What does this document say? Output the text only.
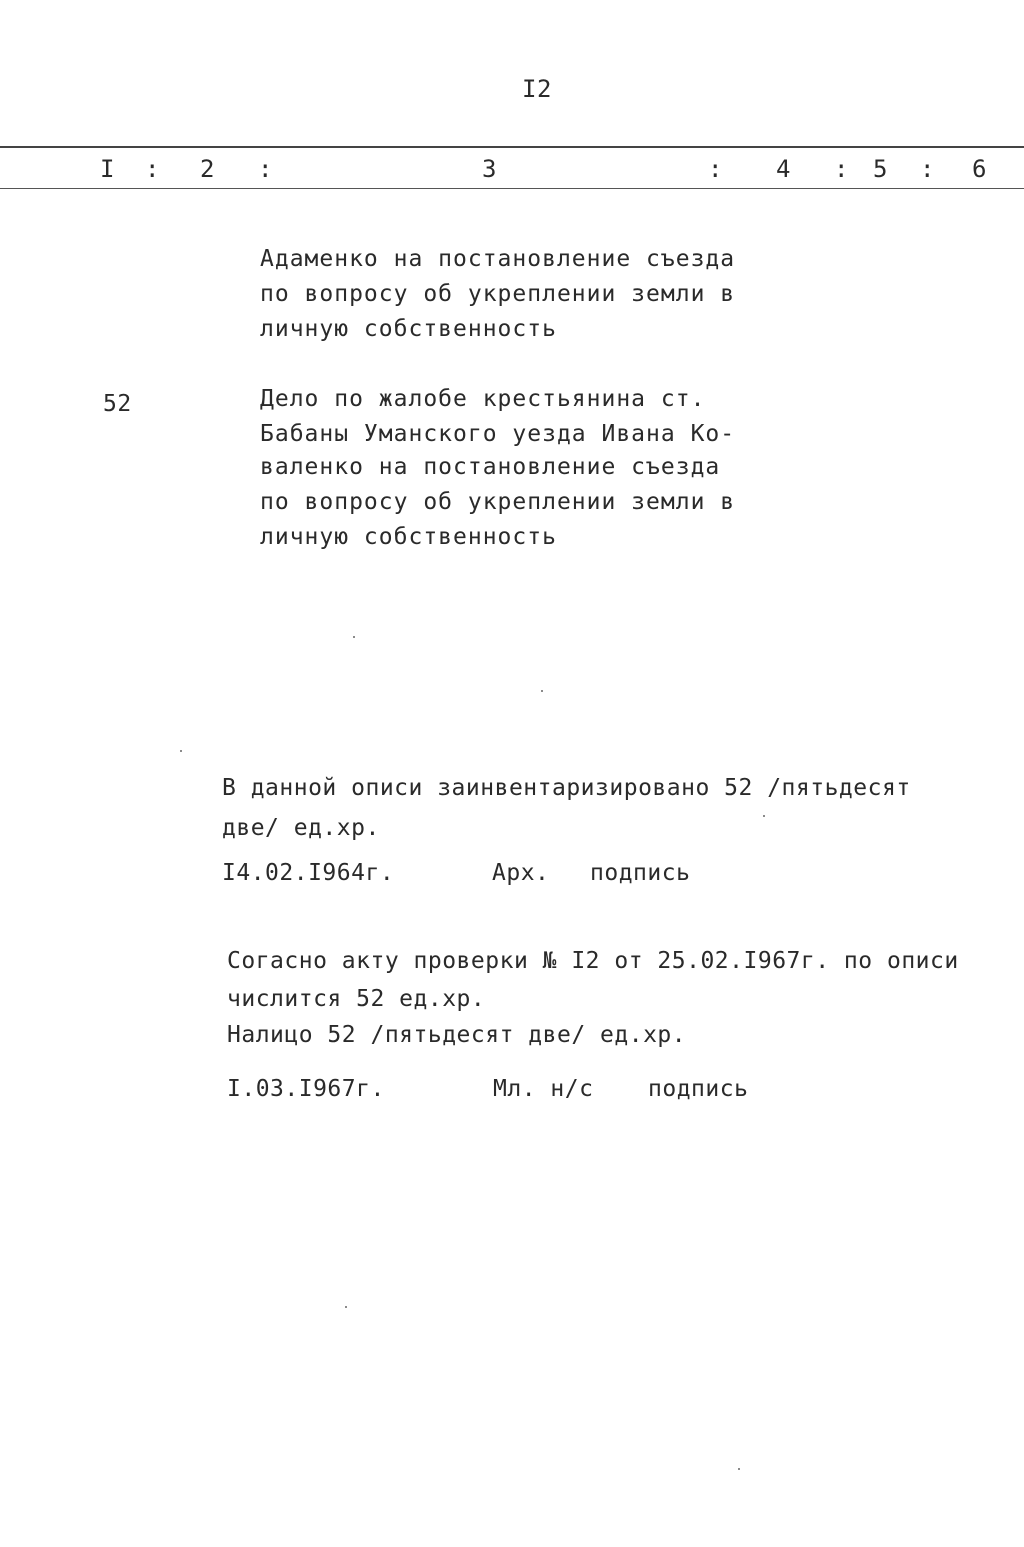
I2
I : 2 :	3	: 4 : 5 : 6
Адаменко на постановление съезда
по вопросу об укреплении земли в
личную собственность
52	Дело по жалобе крестьянина ст.
Бабаны Уманского уезда Ивана Ко-
валенко на постановление съезда
по вопросу об укреплении земли в
личную собственность
В данной описи заинвентаризировано 52 /пятьдесят
две/ ед.хр.
I4.02.I964г.	Арх. подпись
Согасно акту проверки № I2 от 25.02.I967г. по описи
числится 52 ед.хр.
Налицо 52 /пятьдесят две/ ед.хр.
I.03.I967г.	Мл. н/с подпись
